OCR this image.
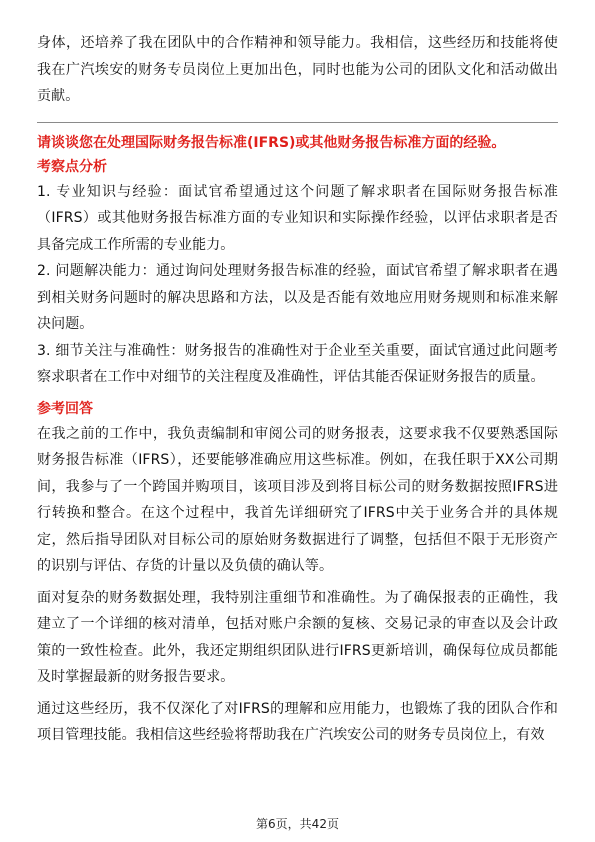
身体，还培养了我在团队中的合作精神和领导能力。我相信，这些经历和技能将使我在广汽埃安的财务专员岗位上更加出色，同时也能为公司的团队文化和活动做出贡献。

请谈谈您在处理国际财务报告标准(IFRS)或其他财务报告标准方面的经验。

考察点分析

1. 专业知识与经验：面试官希望通过这个问题了解求职者在国际财务报告标准（IFRS）或其他财务报告标准方面的专业知识和实际操作经验，以评估求职者是否具备完成工作所需的专业能力。

2. 问题解决能力：通过询问处理财务报告标准的经验，面试官希望了解求职者在遇到相关财务问题时的解决思路和方法，以及是否能有效地应用财务规则和标准来解决问题。

3. 细节关注与准确性：财务报告的准确性对于企业至关重要，面试官通过此问题考察求职者在工作中对细节的关注程度及准确性，评估其能否保证财务报告的质量。

参考回答

在我之前的工作中，我负责编制和审阅公司的财务报表，这要求我不仅要熟悉国际财务报告标准（IFRS），还要能够准确应用这些标准。例如，在我任职于XX公司期间，我参与了一个跨国并购项目，该项目涉及到将目标公司的财务数据按照IFRS进行转换和整合。在这个过程中，我首先详细研究了IFRS中关于业务合并的具体规定，然后指导团队对目标公司的原始财务数据进行了调整，包括但不限于无形资产的识别与评估、存货的计量以及负债的确认等。

面对复杂的财务数据处理，我特别注重细节和准确性。为了确保报表的正确性，我建立了一个详细的核对清单，包括对账户余额的复核、交易记录的审查以及会计政策的一致性检查。此外，我还定期组织团队进行IFRS更新培训，确保每位成员都能及时掌握最新的财务报告要求。

通过这些经历，我不仅深化了对IFRS的理解和应用能力，也锻炼了我的团队合作和项目管理技能。我相信这些经验将帮助我在广汽埃安公司的财务专员岗位上，有效

第6页，共42页
